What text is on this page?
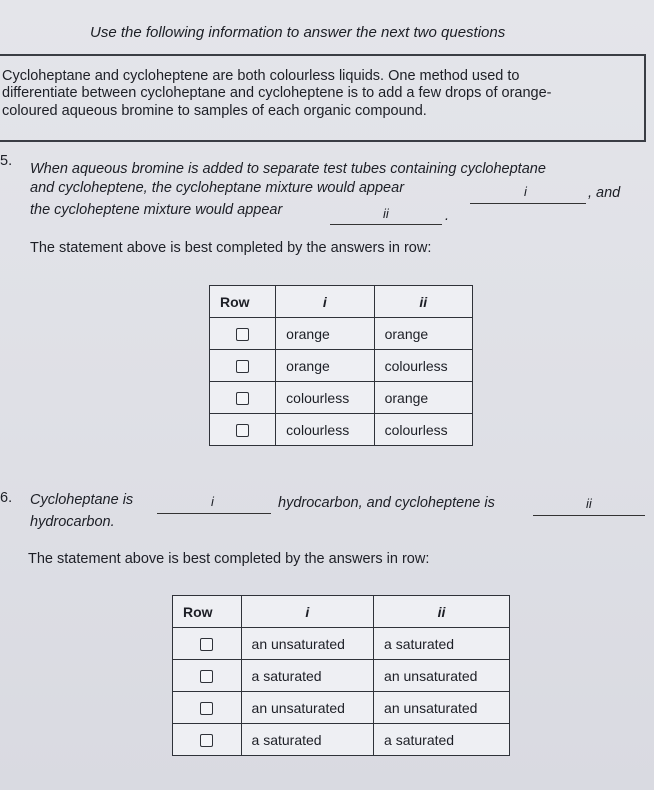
Use the following information to answer the next two questions
Cycloheptane and cycloheptene are both colourless liquids. One method used to
differentiate between cycloheptane and cycloheptene is to add a few drops of orange-
coloured aqueous bromine to samples of each organic compound.
5. When aqueous bromine is added to separate test tubes containing cycloheptane
and cycloheptene, the cycloheptane mixture would appear	i	, and
the cycloheptene mixture would appear	ii	.
The statement above is best completed by the answers in row:
Row	i	ii
	orange	orange
	orange	colourless
	colourless	orange
	colourless	colourless
6. Cycloheptane is	i	hydrocarbon, and cycloheptene is	ii
hydrocarbon.
The statement above is best completed by the answers in row:
Row	i	ii
	an unsaturated	a saturated
	a saturated	an unsaturated
	an unsaturated	an unsaturated
	a saturated	a saturated
